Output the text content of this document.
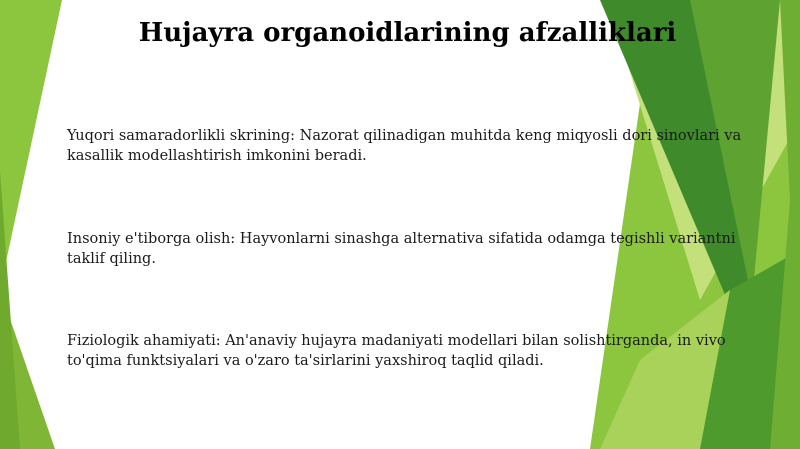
Hujayra organoidlarining afzalliklari
Yuqori samaradorlikli skrining: Nazorat qilinadigan muhitda keng miqyosli dori sinovlari va kasallik modellashtirish imkonini beradi.
Insoniy e'tiborga olish: Hayvonlarni sinashga alternativa sifatida odamga tegishli variantni taklif qiling.
Fiziologik ahamiyati: An'anaviy hujayra madaniyati modellari bilan solishtirganda, in vivo to'qima funktsiyalari va o'zaro ta'sirlarini yaxshiroq taqlid qiladi.
